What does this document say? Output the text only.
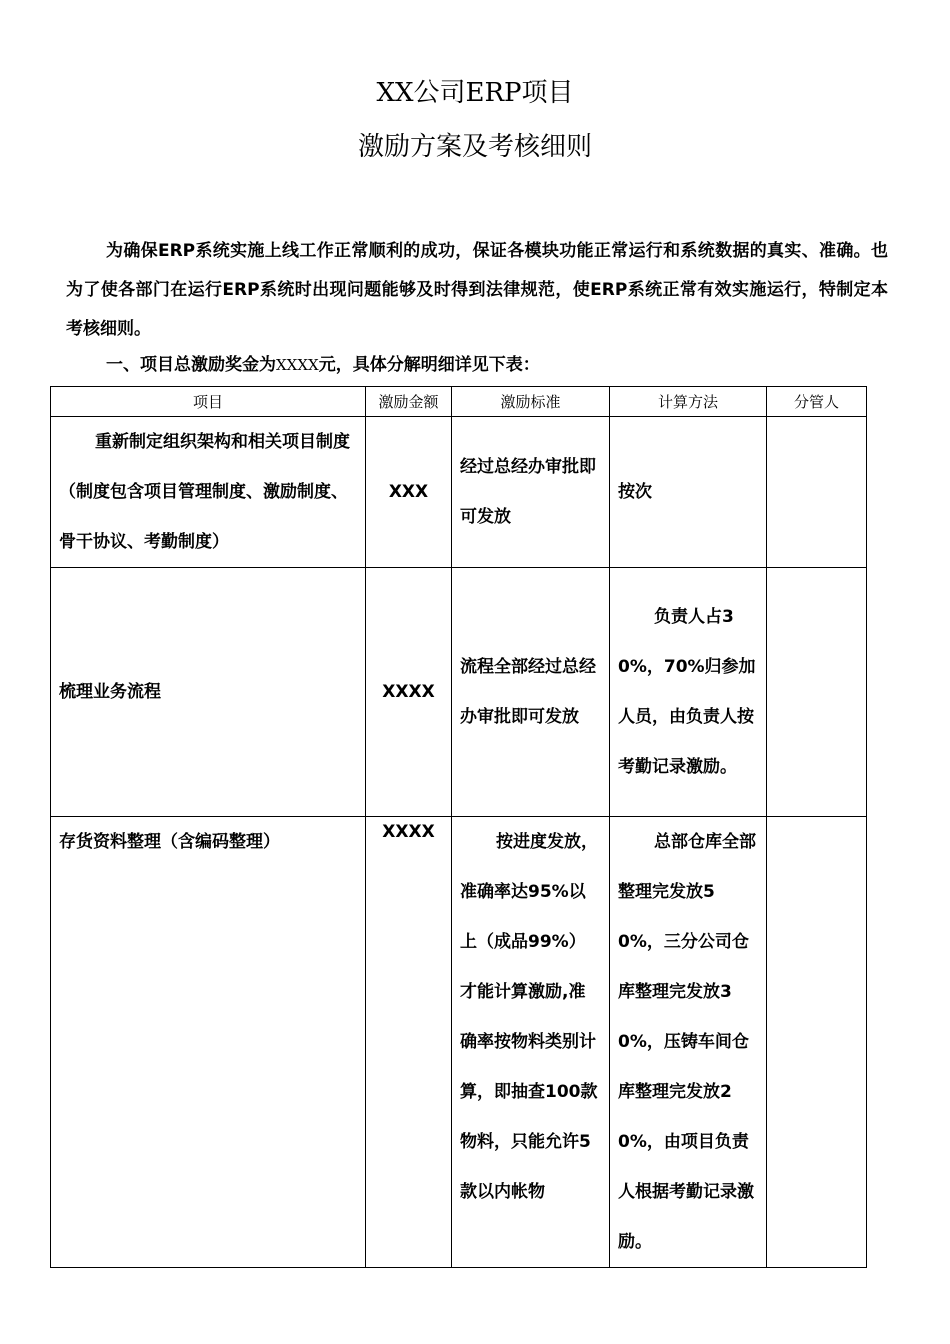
XX公司ERP项目
激励方案及考核细则

为确保ERP系统实施上线工作正常顺利的成功，保证各模块功能正常运行和系统数据的真实、准确。也为了使各部门在运行ERP系统时出现问题能够及时得到法律规范，使ERP系统正常有效实施运行，特制定本考核细则。

一、项目总激励奖金为XXXX元，具体分解明细详见下表：

项目	激励金额	激励标准	计算方法	分管人
重新制定组织架构和相关项目制度（制度包含项目管理制度、激励制度、骨干协议、考勤制度）	XXX	经过总经办审批即可发放	按次	
梳理业务流程	XXXX	流程全部经过总经办审批即可发放	负责人占30%，70%归参加人员，由负责人按考勤记录激励。	
存货资料整理（含编码整理）	XXXX	按进度发放，准确率达95%以上（成品99%）才能计算激励,准确率按物料类别计算，即抽查100款物料，只能允许5款以内帐物	总部仓库全部整理完发放50%，三分公司仓库整理完发放30%，压铸车间仓库整理完发放20%，由项目负责人根据考勤记录激励。	
